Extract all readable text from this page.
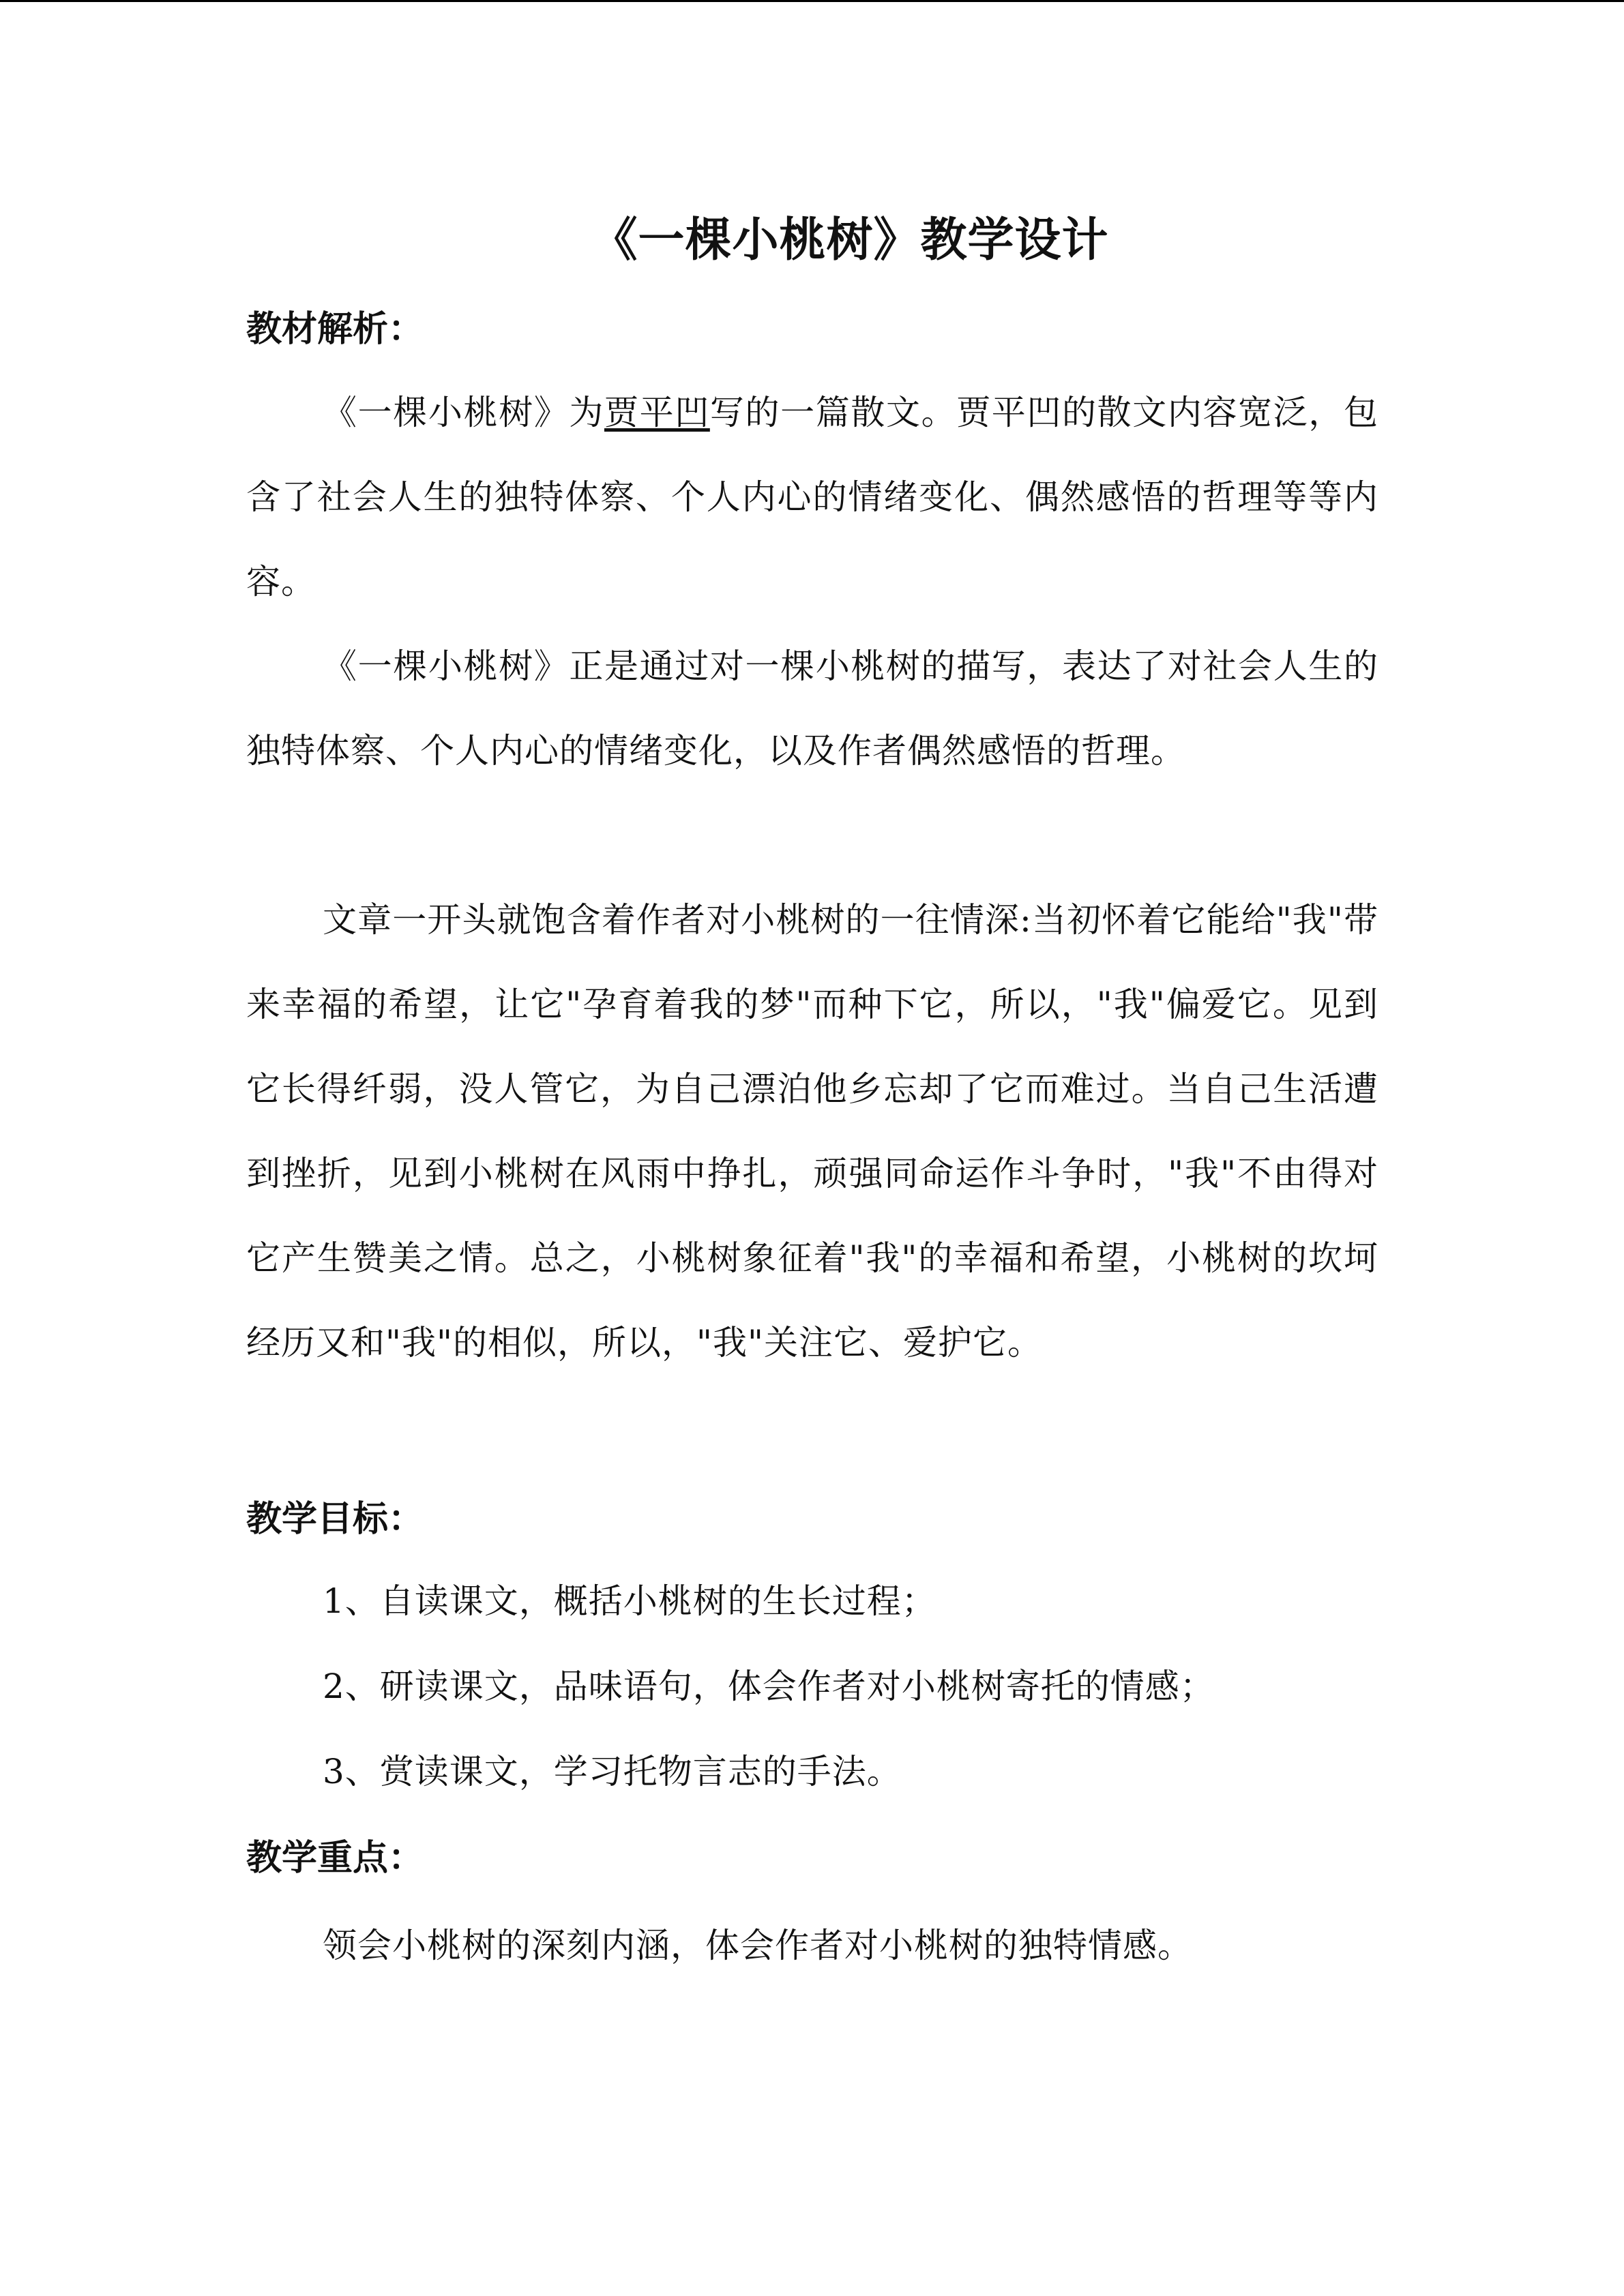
《一棵小桃树》教学设计
教材解析：

《一棵小桃树》为贾平凹写的一篇散文。贾平凹的散文内容宽泛，包含了社会人生的独特体察、个人内心的情绪变化、偶然感悟的哲理等等内容。

《一棵小桃树》正是通过对一棵小桃树的描写，表达了对社会人生的独特体察、个人内心的情绪变化，以及作者偶然感悟的哲理。

文章一开头就饱含着作者对小桃树的一往情深:当初怀着它能给"我"带来幸福的希望，让它"孕育着我的梦"而种下它，所以，"我"偏爱它。见到它长得纤弱，没人管它，为自己漂泊他乡忘却了它而难过。当自己生活遭到挫折，见到小桃树在风雨中挣扎，顽强同命运作斗争时，"我"不由得对它产生赞美之情。总之，小桃树象征着"我"的幸福和希望，小桃树的坎坷经历又和"我"的相似，所以，"我"关注它、爱护它。

教学目标：

1、自读课文，概括小桃树的生长过程；

2、研读课文，品味语句，体会作者对小桃树寄托的情感；

3、赏读课文，学习托物言志的手法。

教学重点：

领会小桃树的深刻内涵，体会作者对小桃树的独特情感。
